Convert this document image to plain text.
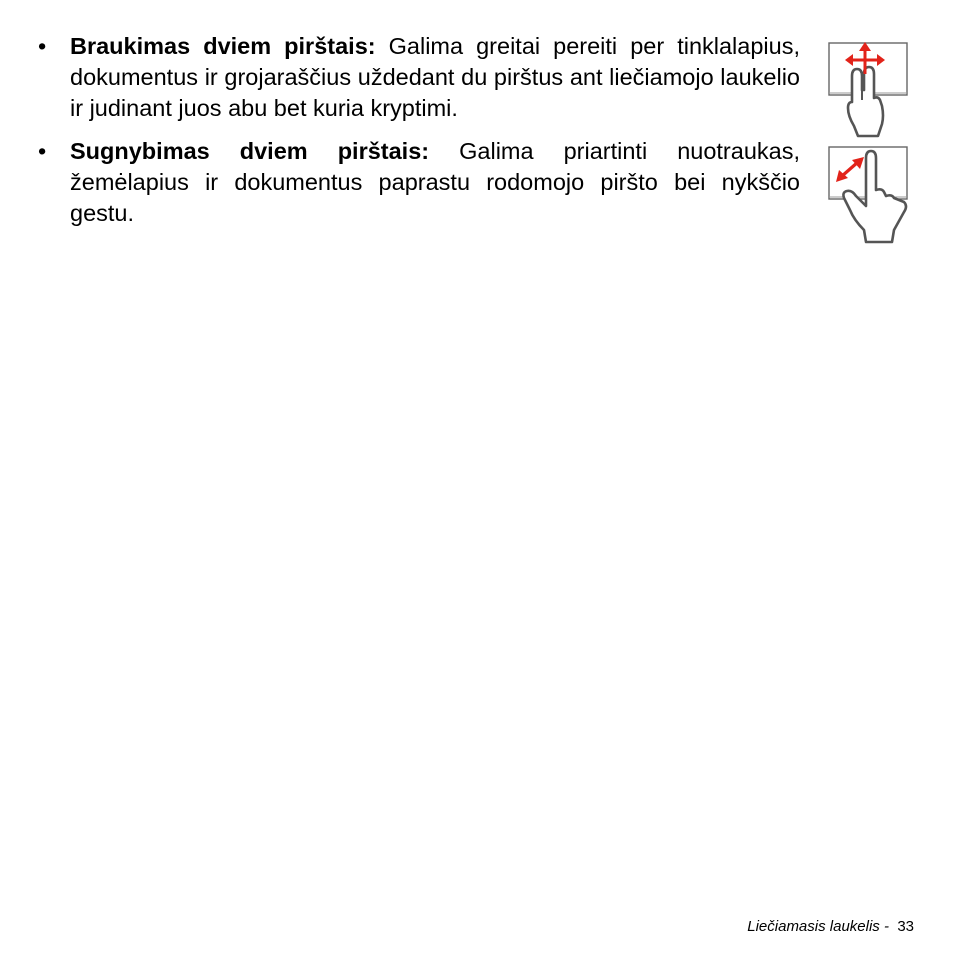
• Braukimas dviem pirštais: Galima greitai pereiti per tinklalapius, dokumentus ir grojaraščius uždedant du pirštus ant liečiamojo laukelio ir judinant juos abu bet kuria kryptimi.
• Sugnybimas dviem pirštais: Galima priartinti nuotraukas, žemėlapius ir dokumentus paprastu rodomojo piršto bei nykščio gestu.
Liečiamasis laukelis - 33
